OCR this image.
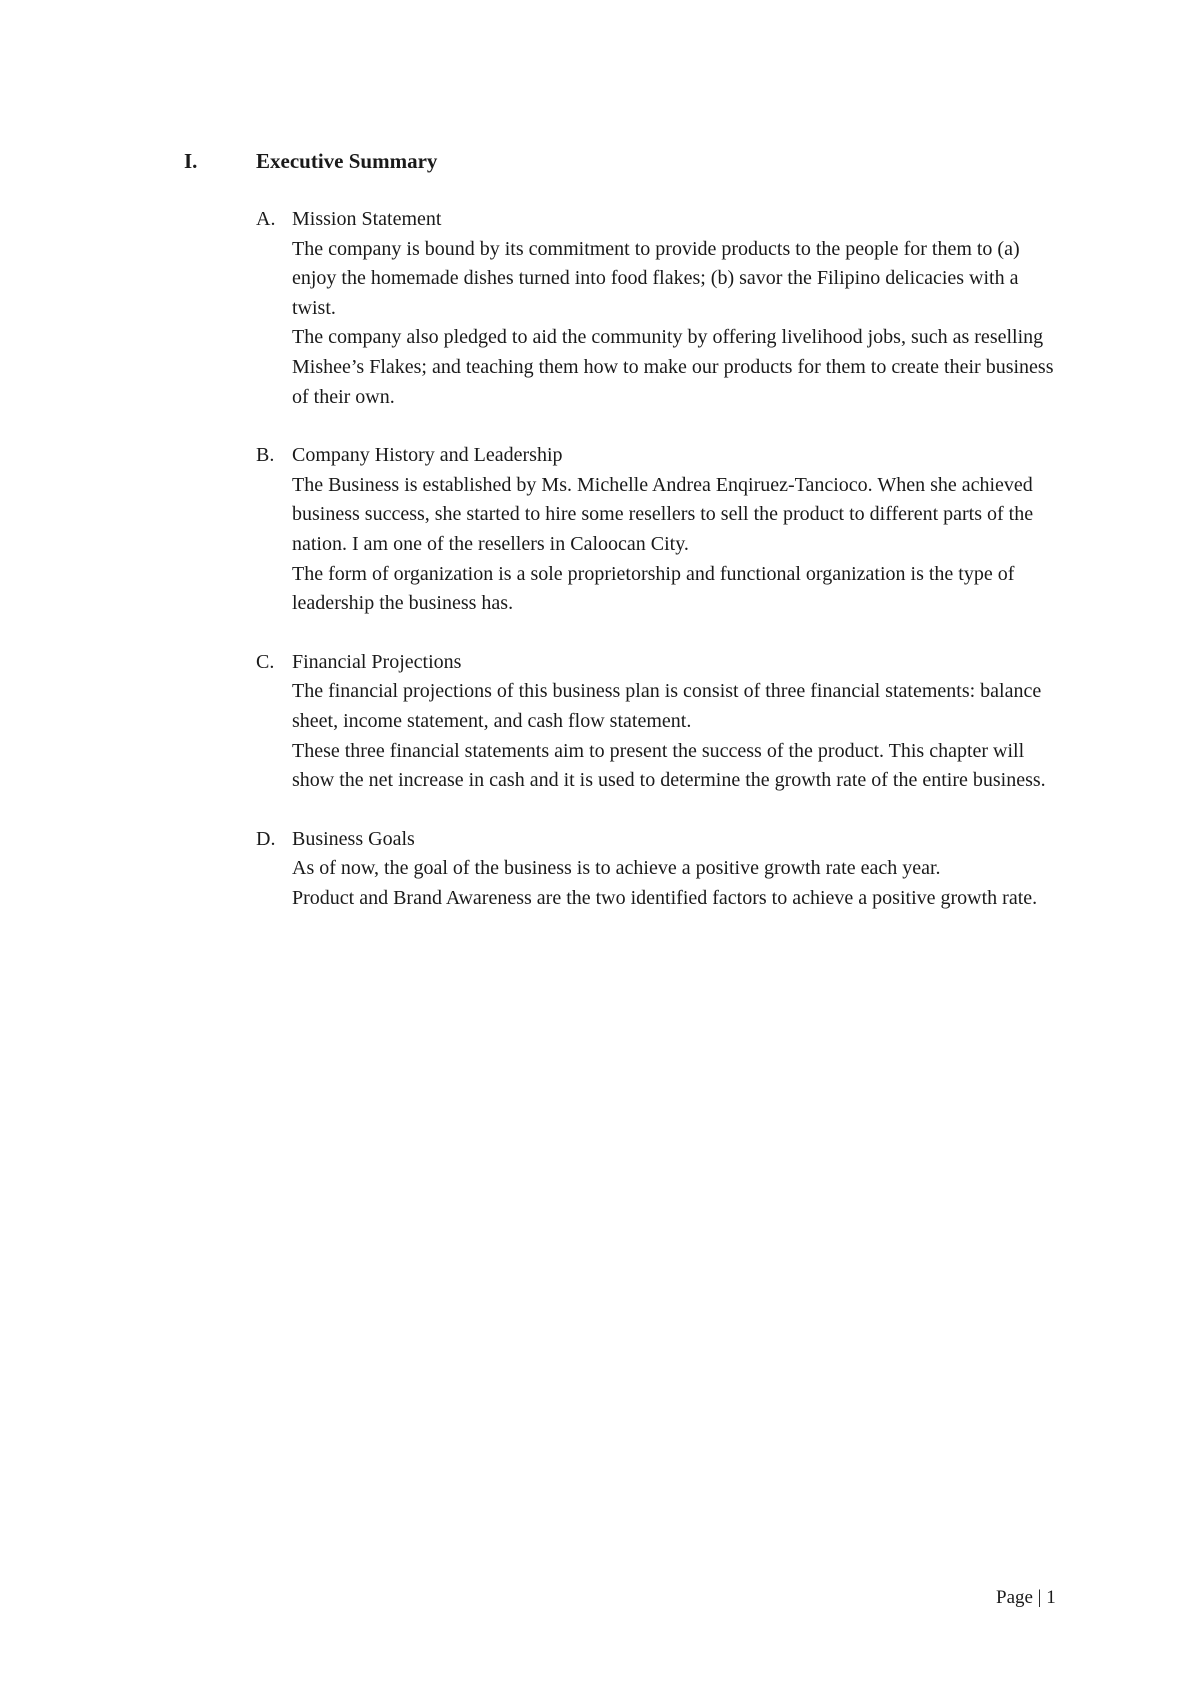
I.	Executive Summary
A. Mission Statement

The company is bound by its commitment to provide products to the people for them to (a) enjoy the homemade dishes turned into food flakes; (b) savor the Filipino delicacies with a twist.

The company also pledged to aid the community by offering livelihood jobs, such as reselling Mishee’s Flakes; and teaching them how to make our products for them to create their business of their own.

B. Company History and Leadership

The Business is established by Ms. Michelle Andrea Enqiruez-Tancioco. When she achieved business success, she started to hire some resellers to sell the product to different parts of the nation. I am one of the resellers in Caloocan City.

The form of organization is a sole proprietorship and functional organization is the type of leadership the business has.

C. Financial Projections

The financial projections of this business plan is consist of three financial statements: balance sheet, income statement, and cash flow statement.

These three financial statements aim to present the success of the product. This chapter will show the net increase in cash and it is used to determine the growth rate of the entire business.

D. Business Goals

As of now, the goal of the business is to achieve a positive growth rate each year.

Product and Brand Awareness are the two identified factors to achieve a positive growth rate.

Page | 1
